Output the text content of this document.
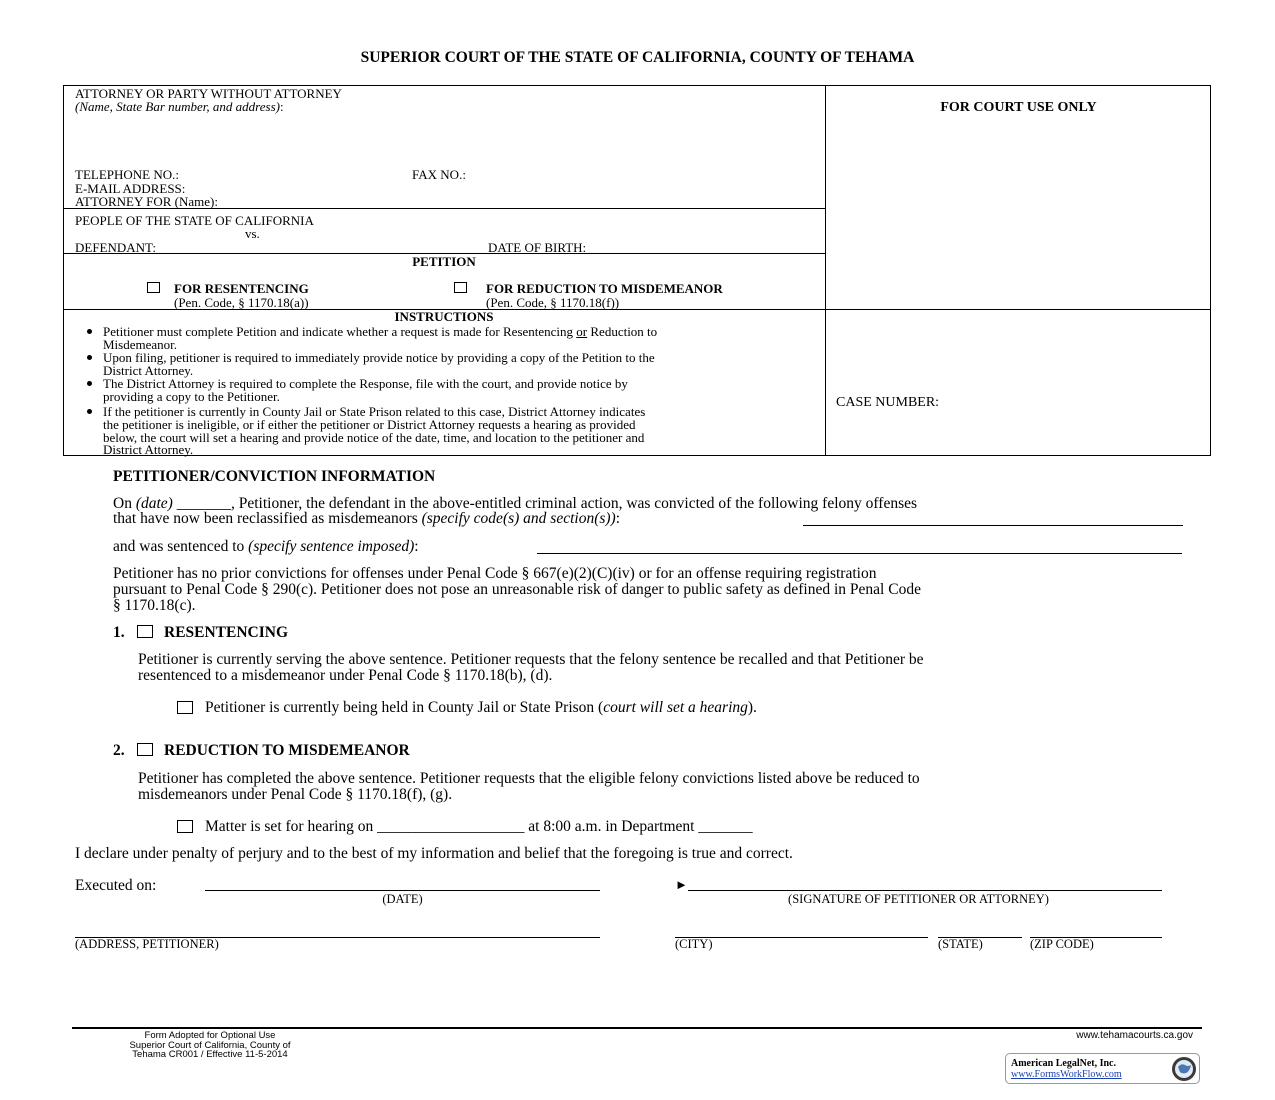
SUPERIOR COURT OF THE STATE OF CALIFORNIA, COUNTY OF TEHAMA
ATTORNEY OR PARTY WITHOUT ATTORNEY
(Name, State Bar number, and address):
TELEPHONE NO.:	FAX NO.:
E-MAIL ADDRESS:
ATTORNEY FOR (Name):
FOR COURT USE ONLY
PEOPLE OF THE STATE OF CALIFORNIA
vs.
DEFENDANT:	DATE OF BIRTH:
PETITION
FOR RESENTENCING
(Pen. Code, § 1170.18(a))
FOR REDUCTION TO MISDEMEANOR
(Pen. Code, § 1170.18(f))
INSTRUCTIONS
Petitioner must complete Petition and indicate whether a request is made for Resentencing or Reduction to
Misdemeanor.
Upon filing, petitioner is required to immediately provide notice by providing a copy of the Petition to the
District Attorney.
The District Attorney is required to complete the Response, file with the court, and provide notice by
providing a copy to the Petitioner.
If the petitioner is currently in County Jail or State Prison related to this case, District Attorney indicates
the petitioner is ineligible, or if either the petitioner or District Attorney requests a hearing as provided
below, the court will set a hearing and provide notice of the date, time, and location to the petitioner and
District Attorney.
CASE NUMBER:
PETITIONER/CONVICTION INFORMATION
On (date) _______, Petitioner, the defendant in the above-entitled criminal action, was convicted of the following felony offenses
that have now been reclassified as misdemeanors (specify code(s) and section(s)):
and was sentenced to (specify sentence imposed):
Petitioner has no prior convictions for offenses under Penal Code § 667(e)(2)(C)(iv) or for an offense requiring registration
pursuant to Penal Code § 290(c). Petitioner does not pose an unreasonable risk of danger to public safety as defined in Penal Code
§ 1170.18(c).
1.	RESENTENCING
Petitioner is currently serving the above sentence. Petitioner requests that the felony sentence be recalled and that Petitioner be
resentenced to a misdemeanor under Penal Code § 1170.18(b), (d).
Petitioner is currently being held in County Jail or State Prison (court will set a hearing).
2.	REDUCTION TO MISDEMEANOR
Petitioner has completed the above sentence. Petitioner requests that the eligible felony convictions listed above be reduced to
misdemeanors under Penal Code § 1170.18(f), (g).
Matter is set for hearing on ___________________ at 8:00 a.m. in Department _______
I declare under penalty of perjury and to the best of my information and belief that the foregoing is true and correct.
Executed on:
(DATE)
►
(SIGNATURE OF PETITIONER OR ATTORNEY)
(ADDRESS, PETITIONER)	(CITY)	(STATE)	(ZIP CODE)
Form Adopted for Optional Use
Superior Court of California, County of
Tehama CR001 / Effective 11-5-2014
www.tehamacourts.ca.gov
American LegalNet, Inc.
www.FormsWorkFlow.com
